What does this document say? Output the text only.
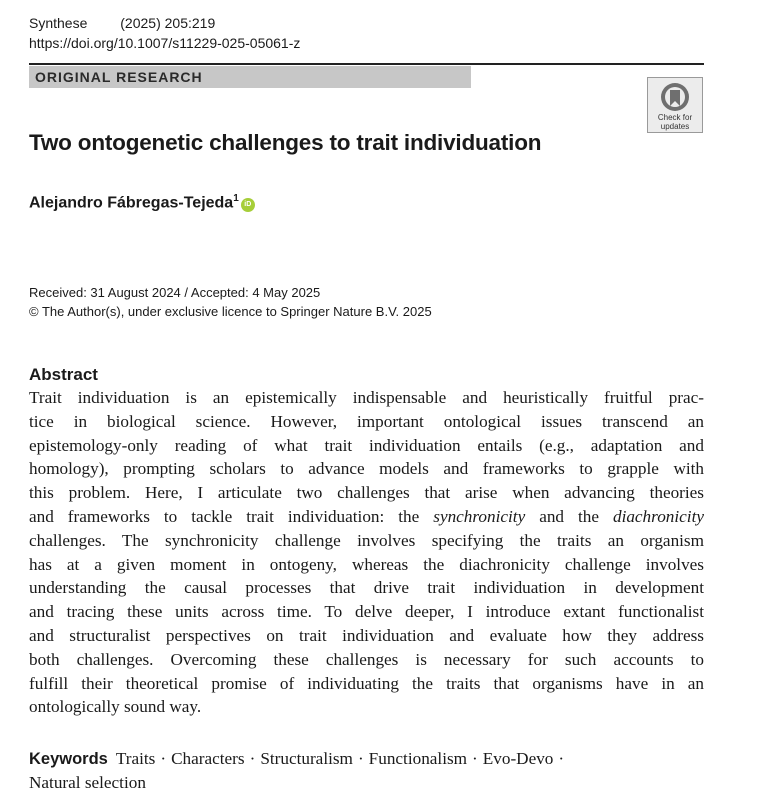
Synthese (2025) 205:219
https://doi.org/10.1007/s11229-025-05061-z
ORIGINAL RESEARCH
Check for
updates
Two ontogenetic challenges to trait individuation
Alejandro Fábregas-Tejeda$^1$iD
Received: 31 August 2024 / Accepted: 4 May 2025
© The Author(s), under exclusive licence to Springer Nature B.V. 2025
Abstract
Trait individuation is an epistemically indispensable and heuristically fruitful prac-
tice in biological science. However, important ontological issues transcend an
epistemology-only reading of what trait individuation entails (e.g., adaptation and
homology), prompting scholars to advance models and frameworks to grapple with
this problem. Here, I articulate two challenges that arise when advancing theories
and frameworks to tackle trait individuation: the synchronicity and the diachronicity
challenges. The synchronicity challenge involves specifying the traits an organism
has at a given moment in ontogeny, whereas the diachronicity challenge involves
understanding the causal processes that drive trait individuation in development
and tracing these units across time. To delve deeper, I introduce extant functionalist
and structuralist perspectives on trait individuation and evaluate how they address
both challenges. Overcoming these challenges is necessary for such accounts to
fulfill their theoretical promise of individuating the traits that organisms have in an
ontologically sound way.
Keywords Traits · Characters · Structuralism · Functionalism · Evo-Devo ·
Natural selection
